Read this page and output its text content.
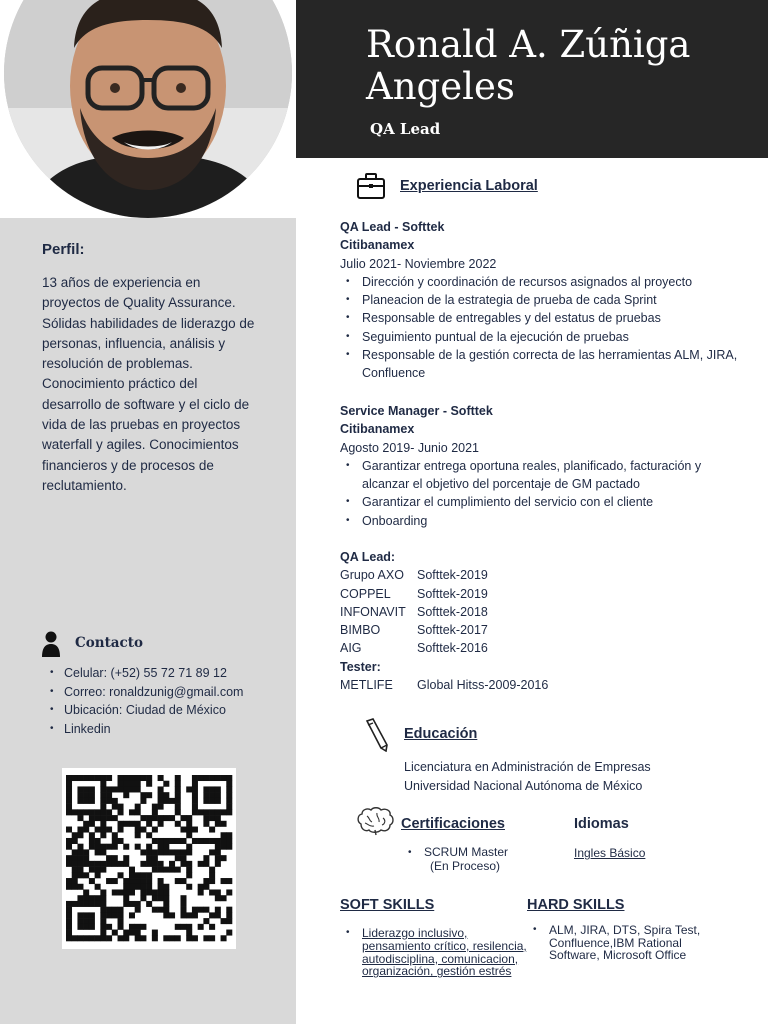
Perfil:
13 años de experiencia en proyectos de Quality Assurance. Sólidas habilidades de liderazgo de personas, influencia, análisis y resolución de problemas. Conocimiento práctico del desarrollo de software y el ciclo de vida de las pruebas en proyectos waterfall y agiles. Conocimientos financieros y de procesos de reclutamiento.
Contacto
• Celular: (+52) 55 72 71 89 12
• Correo: ronaldzunig@gmail.com
• Ubicación: Ciudad de México
• Linkedin
Ronald A. Zúñiga Angeles
QA Lead
Experiencia Laboral
QA Lead - Softtek
Citibanamex
Julio 2021- Noviembre 2022
• Dirección y coordinación de recursos asignados al proyecto
• Planeacion de la estrategia de prueba de cada Sprint
• Responsable de entregables y del estatus de pruebas
• Seguimiento puntual de la ejecución de pruebas
• Responsable de la gestión correcta de las herramientas ALM, JIRA, Confluence
Service Manager - Softtek
Citibanamex
Agosto 2019- Junio 2021
• Garantizar entrega oportuna reales, planificado, facturación y alcanzar el objetivo del porcentaje de GM pactado
• Garantizar el cumplimiento del servicio con el cliente
• Onboarding
QA Lead:
Grupo AXO Softtek-2019
COPPEL Softtek-2019
INFONAVIT Softtek-2018
BIMBO	Softtek-2017
AIG	Softtek-2016
Tester:
METLIFE Global Hitss-2009-2016
Educación
Licenciatura en Administración de Empresas
Universidad Nacional Autónoma de México
Certificaciones
• SCRUM Master
(En Proceso)
Idiomas
Ingles Básico
SOFT SKILLS	HARD SKILLS
• Liderazgo inclusivo, pensamiento crítico, resilencia, autodisciplina, comunicacion, organización, gestión estrés
• ALM, JIRA, DTS, Spira Test, Confluence,IBM Rational Software, Microsoft Office
